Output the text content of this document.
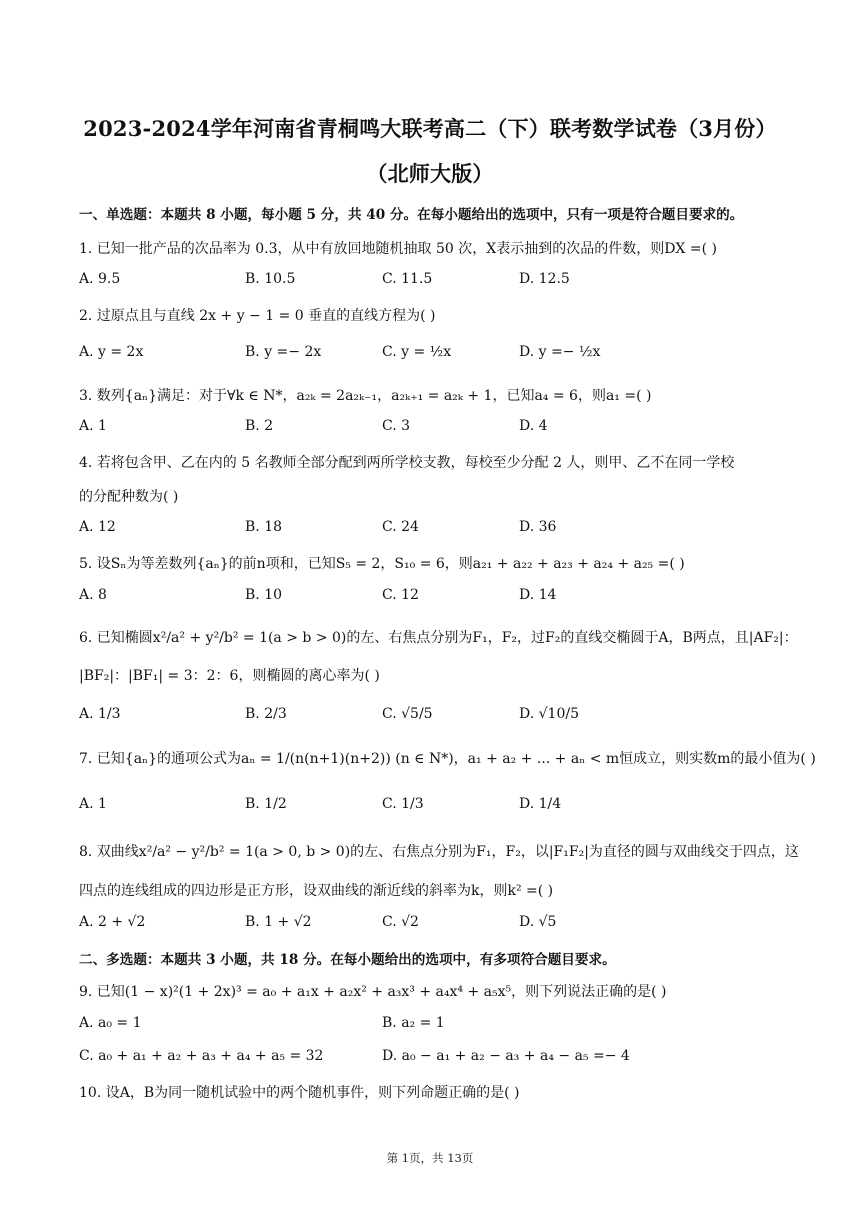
2023-2024学年河南省青桐鸣大联考高二（下）联考数学试卷（3月份）
（北师大版）
一、单选题：本题共 8 小题，每小题 5 分，共 40 分。在每小题给出的选项中，只有一项是符合题目要求的。
1. 已知一批产品的次品率为 0.3，从中有放回地随机抽取 50 次，X表示抽到的次品的件数，则DX =( )
A. 9.5	B. 10.5	C. 11.5	D. 12.5
2. 过原点且与直线 2x + y − 1 = 0 垂直的直线方程为( )
A. y = 2x	B. y =− 2x	C. y = ½x	D. y =− ½x
3. 数列{aₙ}满足：对于∀k ∈ N*，a₂ₖ = 2a₂ₖ₋₁，a₂ₖ₊₁ = a₂ₖ + 1，已知a₄ = 6，则a₁ =( )
A. 1	B. 2	C. 3	D. 4
4. 若将包含甲、乙在内的 5 名教师全部分配到两所学校支教，每校至少分配 2 人，则甲、乙不在同一学校
的分配种数为( )
A. 12	B. 18	C. 24	D. 36
5. 设Sₙ为等差数列{aₙ}的前n项和，已知S₅ = 2，S₁₀ = 6，则a₂₁ + a₂₂ + a₂₃ + a₂₄ + a₂₅ =( )
A. 8	B. 10	C. 12	D. 14
6. 已知椭圆x²/a² + y²/b² = 1(a > b > 0)的左、右焦点分别为F₁，F₂，过F₂的直线交椭圆于A，B两点，且|AF₂|：
|BF₂|：|BF₁| = 3：2：6，则椭圆的离心率为( )
A. 1/3	B. 2/3	C. √5/5	D. √10/5
7. 已知{aₙ}的通项公式为aₙ = 1/(n(n+1)(n+2)) (n ∈ N*)，a₁ + a₂ + ... + aₙ < m恒成立，则实数m的最小值为( )
A. 1	B. 1/2	C. 1/3	D. 1/4
8. 双曲线x²/a² − y²/b² = 1(a > 0, b > 0)的左、右焦点分别为F₁，F₂，以|F₁F₂|为直径的圆与双曲线交于四点，这
四点的连线组成的四边形是正方形，设双曲线的渐近线的斜率为k，则k² =( )
A. 2 + √2	B. 1 + √2	C. √2	D. √5
二、多选题：本题共 3 小题，共 18 分。在每小题给出的选项中，有多项符合题目要求。
9. 已知(1 − x)²(1 + 2x)³ = a₀ + a₁x + a₂x² + a₃x³ + a₄x⁴ + a₅x⁵，则下列说法正确的是( )
A. a₀ = 1	B. a₂ = 1
C. a₀ + a₁ + a₂ + a₃ + a₄ + a₅ = 32	D. a₀ − a₁ + a₂ − a₃ + a₄ − a₅ =− 4
10. 设A，B为同一随机试验中的两个随机事件，则下列命题正确的是( )
第 1页，共 13页
